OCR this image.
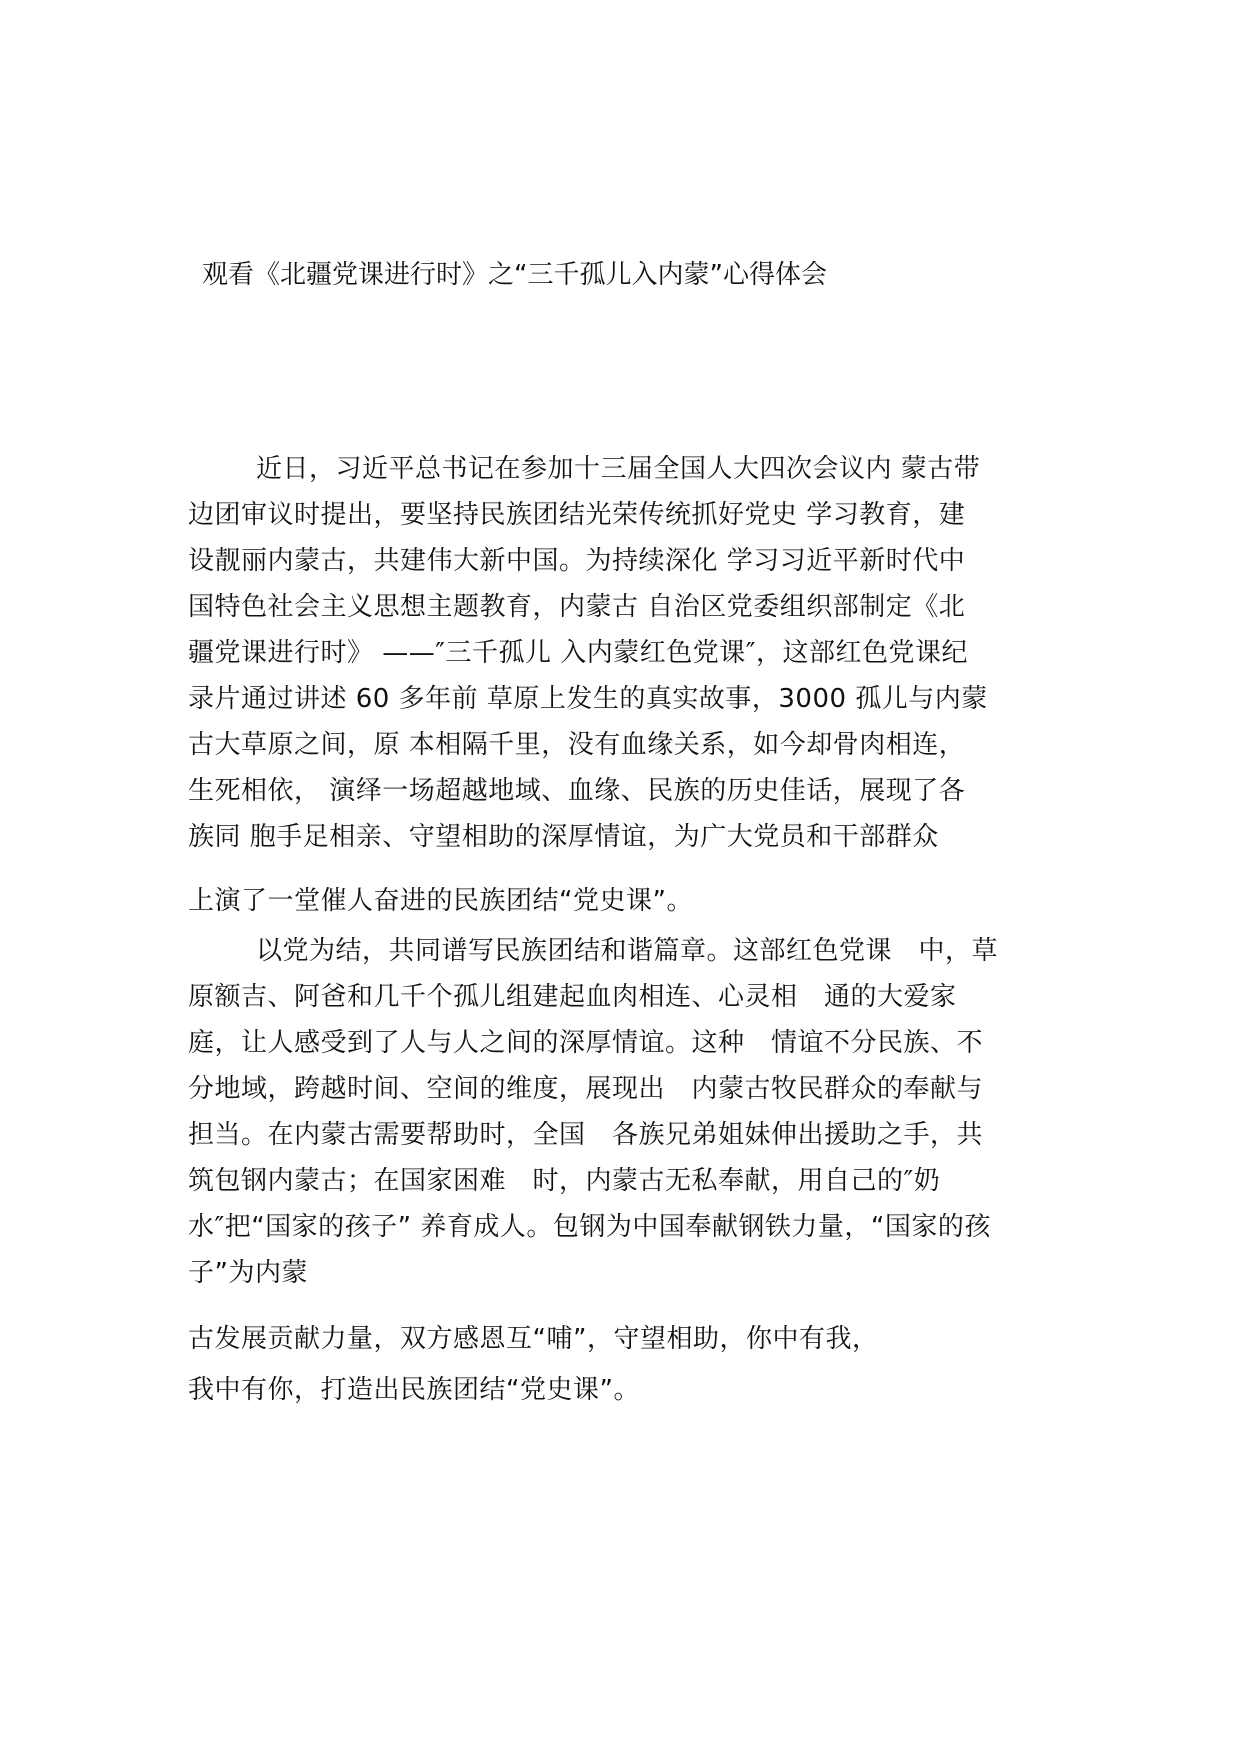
观看《北疆党课进行时》之“三千孤儿入内蒙”心得体会
近日，习近平总书记在参加十三届全国人大四次会议内 蒙古带
边团审议时提出，要坚持民族团结光荣传统抓好党史 学习教育，建
设靓丽内蒙古，共建伟大新中国。为持续深化 学习习近平新时代中
国特色社会主义思想主题教育，内蒙古 自治区党委组织部制定《北
疆党课进行时》 ——″三千孤儿 入内蒙红色党课″，这部红色党课纪
录片通过讲述 60 多年前 草原上发生的真实故事，3000 孤儿与内蒙
古大草原之间，原 本相隔千里，没有血缘关系，如今却骨肉相连，
生死相依， 演绎一场超越地域、血缘、民族的历史佳话，展现了各
族同 胞手足相亲、守望相助的深厚情谊，为广大党员和干部群众
上演了一堂催人奋进的民族团结“党史课”。
以党为结，共同谱写民族团结和谐篇章。这部红色党课　中，草
原额吉、阿爸和几千个孤儿组建起血肉相连、心灵相　通的大爱家
庭，让人感受到了人与人之间的深厚情谊。这种　情谊不分民族、不
分地域，跨越时间、空间的维度，展现出　内蒙古牧民群众的奉献与
担当。在内蒙古需要帮助时，全国　各族兄弟姐妹伸出援助之手，共
筑包钢内蒙古；在国家困难　时，内蒙古无私奉献，用自己的″奶
水″把“国家的孩子” 养育成人。包钢为中国奉献钢铁力量，“国家的孩
子”为内蒙
古发展贡献力量，双方感恩互“哺”，守望相助，你中有我，
我中有你，打造出民族团结“党史课”。
